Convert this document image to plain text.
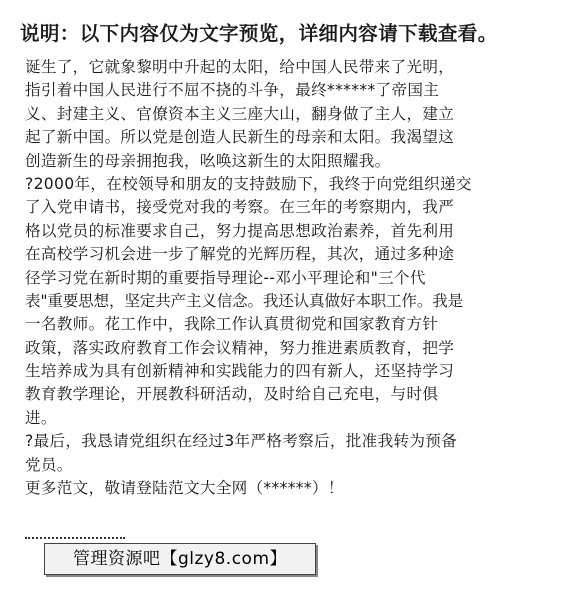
说明：以下内容仅为文字预览，详细内容请下载查看。
诞生了，它就象黎明中升起的太阳，给中国人民带来了光明，
指引着中国人民进行不屈不挠的斗争，最终******了帝国主
义、封建主义、官僚资本主义三座大山，翻身做了主人，建立
起了新中国。所以党是创造人民新生的母亲和太阳。我渴望这
创造新生的母亲拥抱我，吆唤这新生的太阳照耀我。
?2000年，在校领导和朋友的支持鼓励下，我终于向党组织递交
了入党申请书，接受党对我的考察。在三年的考察期内，我严
格以党员的标准要求自己，努力提高思想政治素养，首先利用
在高校学习机会进一步了解党的光辉历程，其次，通过多种途
径学习党在新时期的重要指导理论--邓小平理论和"三个代
表"重要思想，坚定共产主义信念。我还认真做好本职工作。我是
一名教师。花工作中，我除工作认真贯彻党和国家教育方针
政策，落实政府教育工作会议精神，努力推进素质教育，把学
生培养成为具有创新精神和实践能力的四有新人，还坚持学习
教育教学理论，开展教科研活动，及时给自己充电，与时俱
进。
?最后，我恳请党组织在经过3年严格考察后，批准我转为预备
党员。
更多范文，敬请登陆范文大全网（******）！
管理资源吧【glzy8.com】
